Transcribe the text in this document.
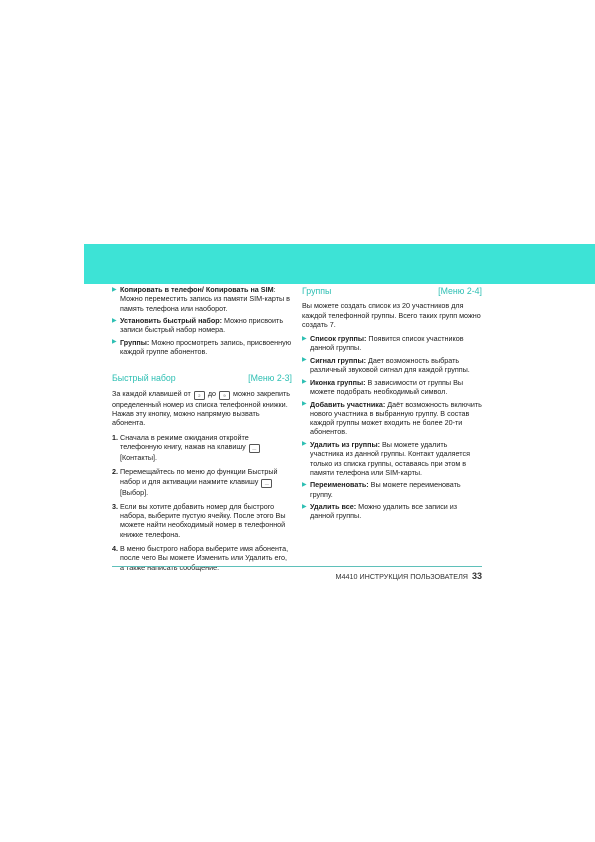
▶ Копировать в телефон/ Копировать на SIM: Можно переместить запись из памяти SIM-карты в память телефона или наоборот.
▶ Установить быстрый набор: Можно присвоить записи быстрый набор номера.
▶ Группы: Можно просмотреть запись, присвоенную каждой группе абонентов.
Быстрый набор	[Меню 2-3]

За каждой клавишей от 2 до 9 можно закрепить определенный номер из списка телефонной книжки. Нажав эту кнопку, можно напрямую вызвать абонента.

1. Сначала в режиме ожидания откройте телефонную книгу, нажав на клавишу —[Контакты].
2. Перемещайтесь по меню до функции Быстрый набор и для активации нажмите клавишу — [Выбор].
3. Если вы хотите добавить номер для быстрого набора, выберите пустую ячейку. После этого Вы можете найти необходимый номер в телефонной книжке телефона.
4. В меню быстрого набора выберите имя абонента, после чего Вы можете Изменить или Удалить его, а также написать сообщение.
Группы	[Меню 2-4]

Вы можете создать список из 20 участников для каждой телефонной группы. Всего таких групп можно создать 7.

▶ Список группы: Появится список участников данной группы.
▶ Сигнал группы: Дает возможность выбрать различный звуковой сигнал для каждой группы.
▶ Иконка группы: В зависимости от группы Вы можете подобрать необходимый символ.
▶ Добавить участника: Даёт возможность включить нового участника в выбранную группу. В состав каждой группы может входить не более 20-ти абонентов.
▶ Удалить из группы: Вы можете удалить участника из данной группы. Контакт удаляется только из списка группы, оставаясь при этом в памяти телефона или SIM-карты.
▶ Переименовать: Вы можете переименовать группу.
▶ Удалить все: Можно удалить все записи из данной группы.
M4410 ИНСТРУКЦИЯ ПОЛЬЗОВАТЕЛЯ 33
